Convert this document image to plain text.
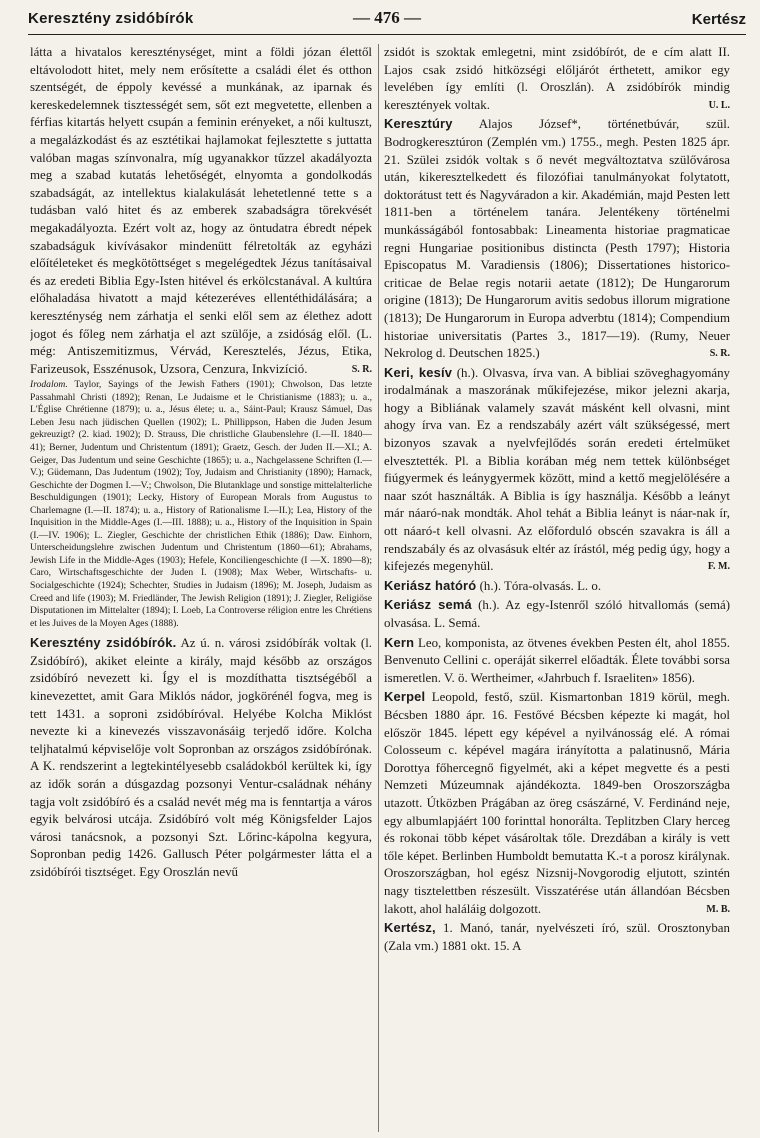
Keresztény zsidóbírók	— 476 —	Kertész

látta a hivatalos kereszténységet, mint a földi józan élettől eltávolodott hitet, mely nem erősítette a családi élet és otthon szentségét, de éppoly kevéssé a munkának, az iparnak és kereskedelemnek tisztességét sem, sőt ezt megvetette, ellenben a férfias kitartás helyett csupán a feminin erényeket, a női kultuszt, a megalázkodást és az esztétikai hajlamokat fejlesztette s juttatta valóban magas színvonalra, míg ugyanakkor tűzzel akadályozta meg a szabad kutatás lehetőségét, elnyomta a gondolkodás szabadságát, az intellektus kialakulását lehetetlenné tette s a tudásban való hitet és az emberek szabadságra törekvését megakadályozta. Ezért volt az, hogy az öntudatra ébredt népek szabadságuk kivívásakor mindenütt félretolták az egyházi előítéleteket és megkötöttséget s megelégedtek Jézus tanításaival és az eredeti Biblia Egy-Isten hitével és erkölcstanával. A kultúra előhaladása hivatott a majd kétezeréves ellentéthidálására; a kereszténység nem zárhatja el senki elől sem az élethez adott jogot és főleg nem zárhatja el azt szülője, a zsidóság elől. (L. még: Antiszemitizmus, Vérvád, Keresztelés, Jézus, Etika, Farizeusok, Esszénusok, Uzsora, Cenzura, Inkvizíció.	S. R.

Irodalom. Taylor, Sayings of the Jewish Fathers (1901); Chwolson, Das letzte Passahmahl Christi (1892); Renan, Le Judaisme et le Christianisme (1883); u. a., L'Église Chrétienne (1879); u. a., Jésus élete; u. a., Sáint-Paul; Krausz Sámuel, Das Leben Jesu nach jüdischen Quellen (1902); L. Phillippson, Haben die Juden Jesum gekreuzigt? (2. kiad. 1902); D. Strauss, Die christliche Glaubenslehre (I.—II. 1840—41); Berner, Judentum und Christentum (1891); Graetz, Gesch. der Juden II.—XI.; A. Geiger, Das Judentum und seine Geschichte (1865); u. a., Nachgelassene Schriften (I.—V.); Güdemann, Das Judentum (1902); Toy, Judaism and Christianity (1890); Harnack, Geschichte der Dogmen I.—V.; Chwolson, Die Blutanklage und sonstige mittelalterliche Beschuldigungen (1901); Lecky, History of European Morals from Augustus to Charlemagne (I.—II. 1874); u. a., History of Rationalisme I.—II.); Lea, History of the Inquisition in the Middle-Ages (I.—III. 1888); u. a., History of the Inquisition in Spain (I.—IV. 1906); L. Ziegler, Geschichte der christlichen Ethik (1886); Daw. Einhorn, Unterscheidungslehre zwischen Judentum und Christentum (1860—61); Abrahams, Jewish Life in the Middle-Ages (1903); Hefele, Konciliengeschichte (I —X. 1890—8); Caro, Wirtschaftsgeschichte der Juden I. (1908); Max Weber, Wirtschafts- u. Socialgeschichte (1924); Schechter, Studies in Judaism (1896); M. Joseph, Judaism as Creed and life (1903); M. Friedländer, The Jewish Religion (1891); J. Ziegler, Religiöse Disputationen im Mittelalter (1894); I. Loeb, La Controverse réligion entre les Chrétiens et les Juives de la Moyen Ages (1888).

Keresztény zsidóbírók. Az ú. n. városi zsidóbírák voltak (l. Zsidóbíró), akiket eleinte a király, majd később az országos zsidóbíró nevezett ki. Így el is mozdíthatta tisztségéből a kinevezettet, amit Gara Miklós nádor, jogkörénél fogva, meg is tett 1431. a soproni zsidóbíróval. Helyébe Kolcha Miklóst nevezte ki a kinevezés visszavonásáig terjedő időre. Kolcha teljhatalmú képviselője volt Sopronban az országos zsidóbírónak. A K. rendszerint a legtekintélyesebb családokból kerültek ki, így az idők során a dúsgazdag pozsonyi Ventur-családnak néhány tagja volt zsidóbíró és a család nevét még ma is fenntartja a város egyik belvárosi utcája. Zsidóbíró volt még Königsfelder Lajos városi tanácsnok, a pozsonyi Szt. Lőrinc-kápolna kegyura, Sopronban pedig 1426. Gallusch Péter polgármester látta el a zsidóbírói tisztséget. Egy Oroszlán nevű

zsidót is szoktak emlegetni, mint zsidóbírót, de e cím alatt II. Lajos csak zsidó hitközségi előljárót érthetett, amikor egy levelében így említi (l. Oroszlán). A zsidóbírók mindig keresztények voltak.	U. L.

Keresztúry Alajos József*, történetbúvár, szül. Bodrogkeresztúron (Zemplén vm.) 1755., megh. Pesten 1825 ápr. 21. Szülei zsidók voltak s ő nevét megváltoztatva szülővárosa után, kikeresztelkedett és filozófiai tanulmányokat folytatott, doktorátust tett és Nagyváradon a kir. Akadémián, majd Pesten lett 1811-ben a történelem tanára. Jelentékeny történelmi munkásságából fontosabbak: Lineamenta historiae pragmaticae regni Hungariae positionibus distincta (Pesth 1797); Historia Episcopatus M. Varadiensis (1806); Dissertationes historico-criticae de Belae regis notarii aetate (1812); De Hungarorum origine (1813); De Hungarorum avitis sedobus illorum migratione (1813); De Hungarorum in Europa adverbtu (1814); Compendium historiae universitatis (Partes 3., 1817—19). (Rumy, Neuer Nekrolog d. Deutschen 1825.)	S. R.

Keri, kesív (h.). Olvasva, írva van. A bibliai szöveghagyomány irodalmának a maszorának műkifejezése, mikor jelezni akarja, hogy a Bibliának valamely szavát másként kell olvasni, mint ahogy írva van. Ez a rendszabály azért vált szükségessé, mert bizonyos szavak a nyelvfejlődés során eredeti értelmüket elvesztették. Pl. a Biblia korában még nem tettek különbséget fiúgyermek és leánygyermek között, mind a kettő megjelölésére a naar szót használták. A Biblia is így használja. Később a leányt már náaró-nak mondták. Ahol tehát a Biblia leányt is náar-nak ír, ott náaró-t kell olvasni. Az előforduló obscén szavakra is áll a rendszabály és az olvasásuk eltér az írástól, még pedig úgy, hogy a kifejezés megenyhül.	F. M.

Keriász hatóró (h.). Tóra-olvasás. L. o.

Keriász semá (h.). Az egy-Istenről szóló hitvallomás (semá) olvasása. L. Semá.

Kern Leo, komponista, az ötvenes években Pesten élt, ahol 1855. Benvenuto Cellini c. operáját sikerrel előadták. Élete további sorsa ismeretlen. V. ö. Wertheimer, «Jahrbuch f. Israeliten» 1856).

Kerpel Leopold, festő, szül. Kismartonban 1819 körül, megh. Bécsben 1880 ápr. 16. Festővé Bécsben képezte ki magát, hol először 1845. lépett egy képével a nyilvánosság elé. A római Colosseum c. képével magára irányította a palatinusnő, Mária Dorottya főhercegnő figyelmét, aki a képet megvette és a pesti Nemzeti Múzeumnak ajándékozta. 1849-ben Oroszországba utazott. Útközben Prágában az öreg császárné, V. Ferdinánd neje, egy albumlapjáért 100 forinttal honorálta. Teplitzben Clary herceg és rokonai több képet vásároltak tőle. Drezdában a király is vett tőle képet. Berlinben Humboldt bemutatta K.-t a porosz királynak. Oroszországban, hol egész Nizsnij-Novgorodig eljutott, szintén nagy tisztelettben részesült. Visszatérése után állandóan Bécsben lakott, ahol haláláig dolgozott.	M. B.

Kertész, 1. Manó, tanár, nyelvészeti író, szül. Orosztonyban (Zala vm.) 1881 okt. 15. A
